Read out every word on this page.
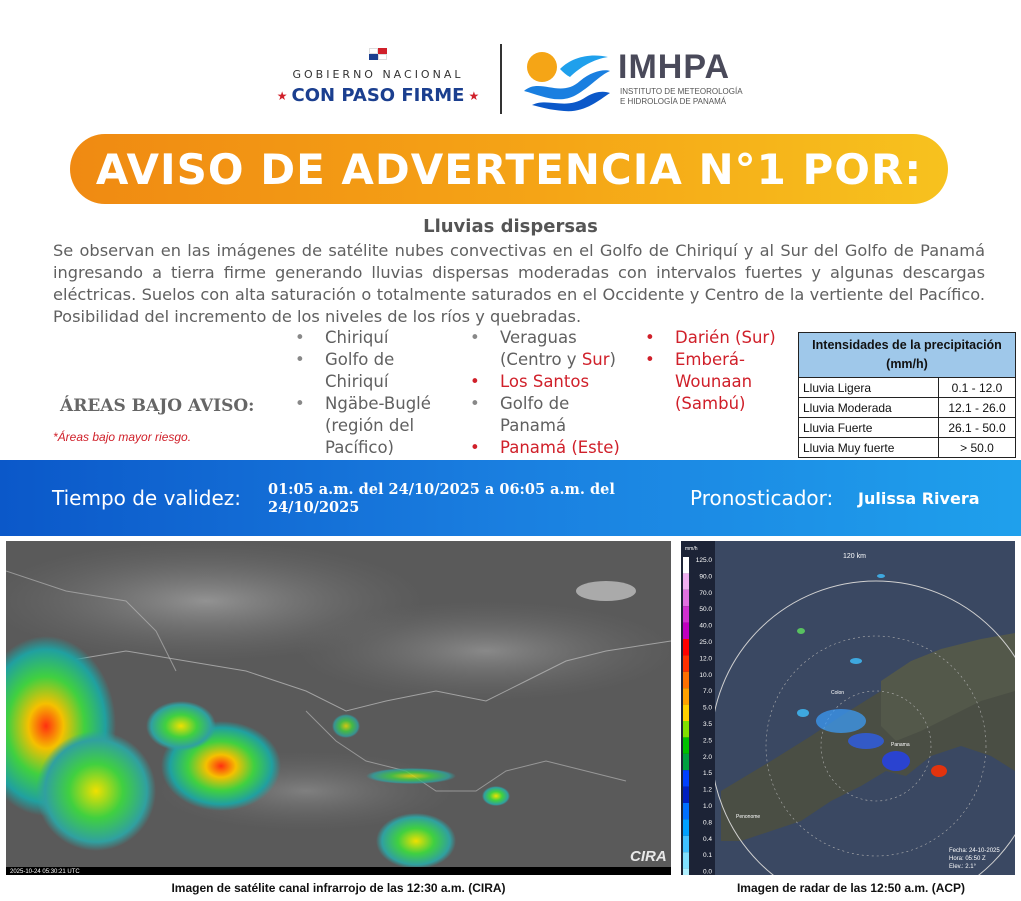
GOBIERNO NACIONAL
★ CON PASO FIRME ★
IMHPA
INSTITUTO DE METEOROLOGÍA
E HIDROLOGÍA DE PANAMÁ
AVISO DE ADVERTENCIA N°1 POR:
Lluvias dispersas
Se observan en las imágenes de satélite nubes convectivas en el Golfo de Chiriquí y al Sur del Golfo de Panamá ingresando a tierra firme generando lluvias dispersas moderadas con intervalos fuertes y algunas descargas eléctricas. Suelos con alta saturación o totalmente saturados en el Occidente y Centro de la vertiente del Pacífico. Posibilidad del incremento de los niveles de los ríos y quebradas.
ÁREAS BAJO AVISO:
*Áreas bajo mayor riesgo.
• Chiriquí
• Golfo de Chiriquí
• Ngäbe-Buglé (región del Pacífico)
• Veraguas (Centro y Sur)
• Los Santos
• Golfo de Panamá
• Panamá (Este)
• Darién (Sur)
• Emberá-Wounaan (Sambú)
Intensidades de la precipitación (mm/h)	
Lluvia Ligera	0.1 - 12.0
Lluvia Moderada	12.1 - 26.0
Lluvia Fuerte	26.1 - 50.0
Lluvia Muy fuerte	> 50.0
Tiempo de validez: 01:05 a.m. del 24/10/2025 a 06:05 a.m. del 24/10/2025	Pronosticador: Julissa Rivera
2025-10-24 05:30:21 UTC
CIRA
Imagen de satélite canal infrarrojo de las 12:30 a.m. (CIRA)
120 km
Colon
Panama
Penonome
Fecha: 24-10-2025
Hora: 05:50 Z
Elev.: 2.1°
mm/h
125.0
90.0
70.0
50.0
40.0
25.0
12.0
10.0
7.0
5.0
3.5
2.5
2.0
1.5
1.2
1.0
0.8
0.4
0.1
0.0
Imagen de radar de las 12:50 a.m. (ACP)
